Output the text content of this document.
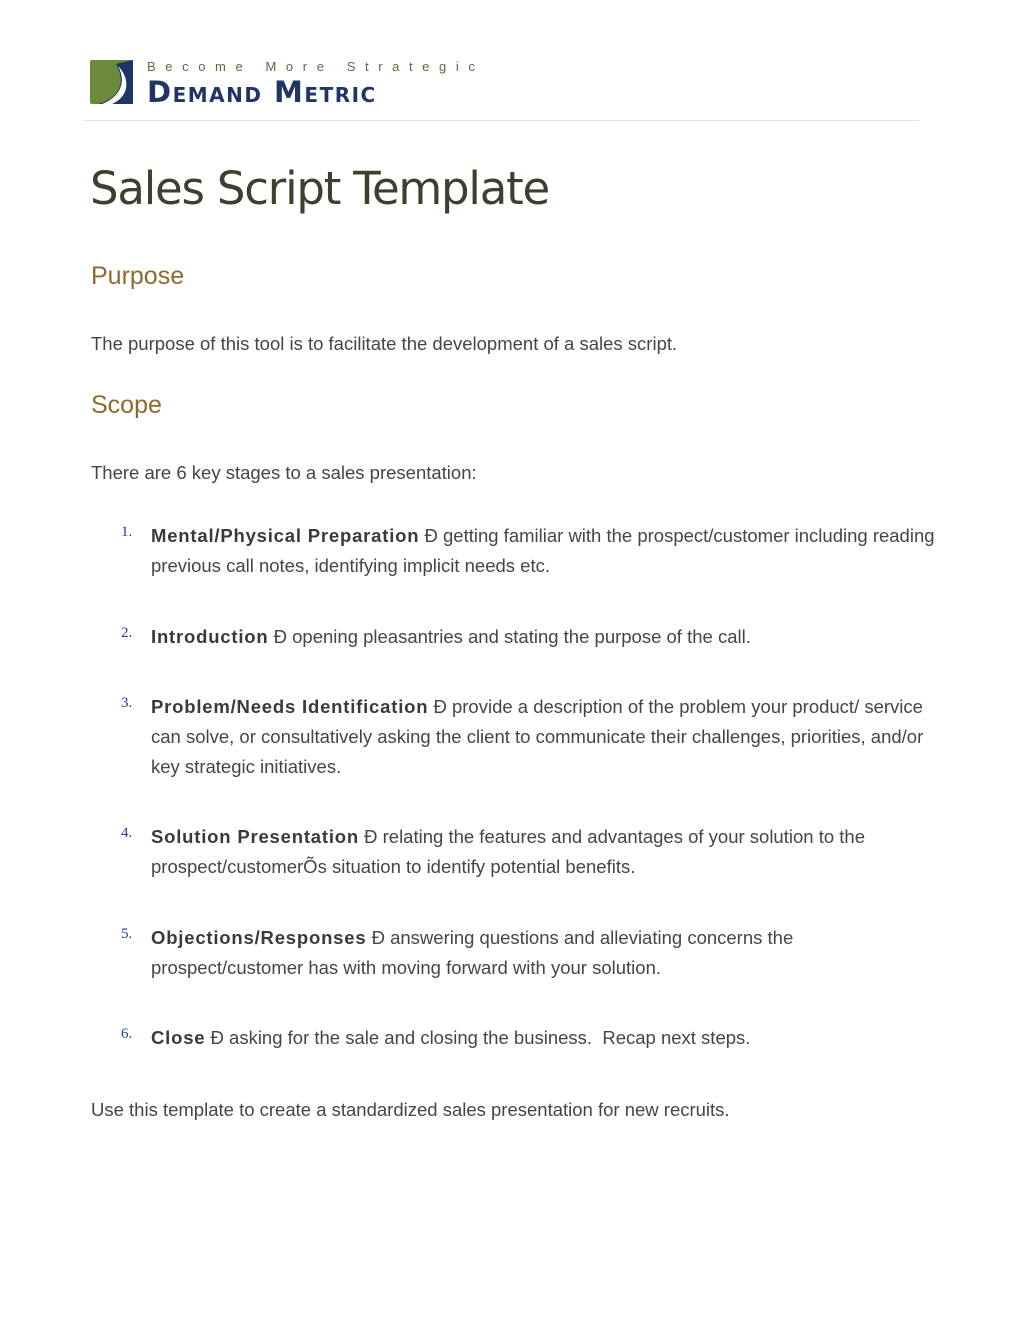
Become More Strategic
Demand Metric
Sales Script Template
Purpose

The purpose of this tool is to facilitate the development of a sales script.

Scope

There are 6 key stages to a sales presentation:

1. Mental/Physical Preparation Ð getting familiar with the prospect/customer including reading previous call notes, identifying implicit needs etc.
2. Introduction Ð opening pleasantries and stating the purpose of the call.
3. Problem/Needs Identification Ð provide a description of the problem your product/ service can solve, or consultatively asking the client to communicate their challenges, priorities, and/or key strategic initiatives.
4. Solution Presentation Ð relating the features and advantages of your solution to the prospect/customerÕs situation to identify potential benefits.
5. Objections/Responses Ð answering questions and alleviating concerns the prospect/customer has with moving forward with your solution.
6. Close Ð asking for the sale and closing the business.  Recap next steps.

Use this template to create a standardized sales presentation for new recruits.
